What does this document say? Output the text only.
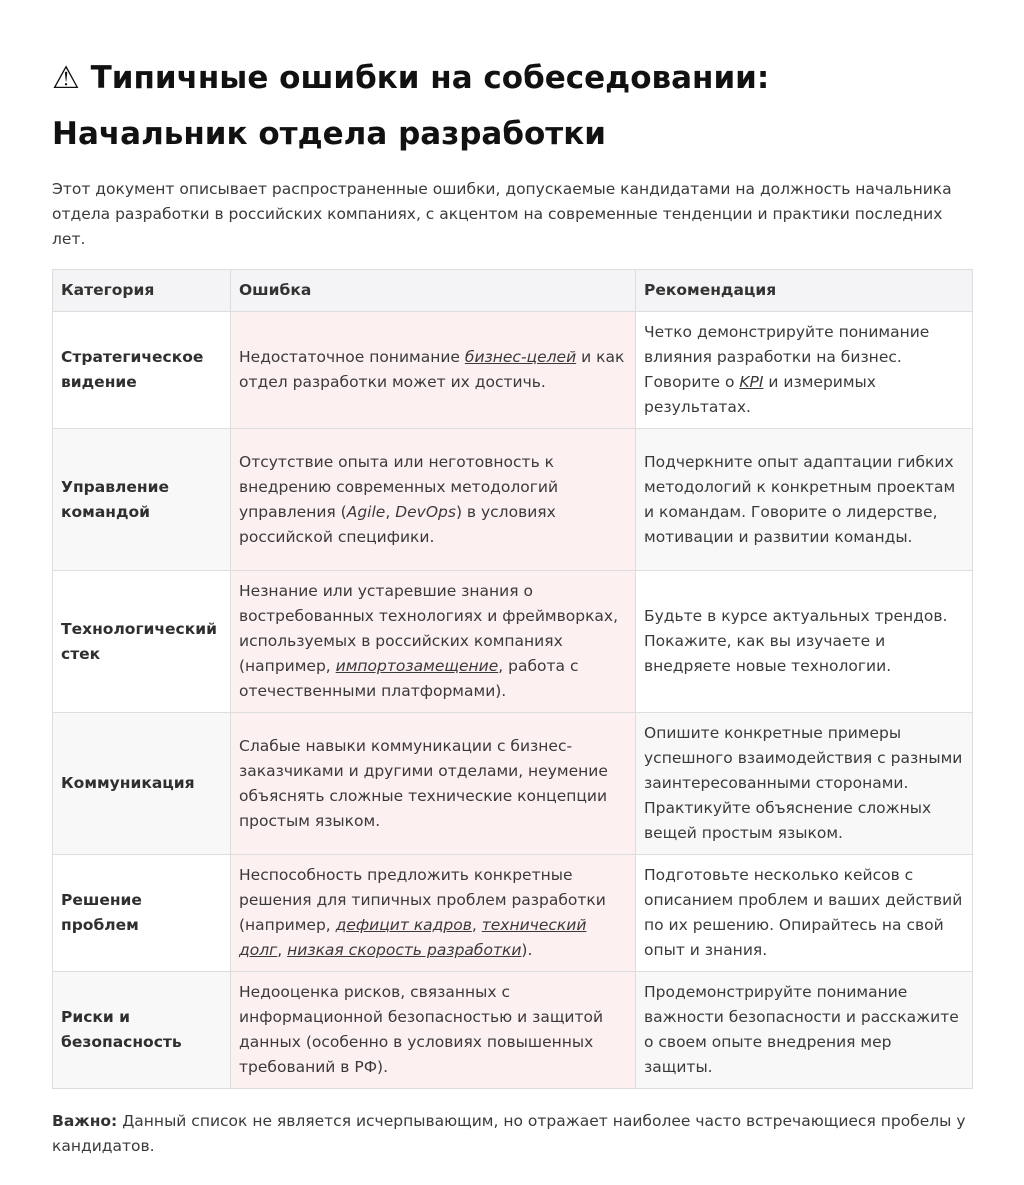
⚠ Типичные ошибки на собеседовании:
Начальник отдела разработки

Этот документ описывает распространенные ошибки, допускаемые кандидатами на должность начальника отдела разработки в российских компаниях, с акцентом на современные тенденции и практики последних лет.

Категория	Ошибка	Рекомендация
Стратегическое видение	Недостаточное понимание бизнес-целей и как отдел разработки может их достичь.	Четко демонстрируйте понимание влияния разработки на бизнес. Говорите о KPI и измеримых результатах.
Управление командой	Отсутствие опыта или неготовность к внедрению современных методологий управления (Agile, DevOps) в условиях российской специфики.	Подчеркните опыт адаптации гибких методологий к конкретным проектам и командам. Говорите о лидерстве, мотивации и развитии команды.
Технологический стек	Незнание или устаревшие знания о востребованных технологиях и фреймворках, используемых в российских компаниях (например, импортозамещение, работа с отечественными платформами).	Будьте в курсе актуальных трендов. Покажите, как вы изучаете и внедряете новые технологии.
Коммуникация	Слабые навыки коммуникации с бизнес-заказчиками и другими отделами, неумение объяснять сложные технические концепции простым языком.	Опишите конкретные примеры успешного взаимодействия с разными заинтересованными сторонами. Практикуйте объяснение сложных вещей простым языком.
Решение проблем	Неспособность предложить конкретные решения для типичных проблем разработки (например, дефицит кадров, технический долг, низкая скорость разработки).	Подготовьте несколько кейсов с описанием проблем и ваших действий по их решению. Опирайтесь на свой опыт и знания.
Риски и безопасность	Недооценка рисков, связанных с информационной безопасностью и защитой данных (особенно в условиях повышенных требований в РФ).	Продемонстрируйте понимание важности безопасности и расскажите о своем опыте внедрения мер защиты.

Важно: Данный список не является исчерпывающим, но отражает наиболее часто встречающиеся пробелы у кандидатов.
